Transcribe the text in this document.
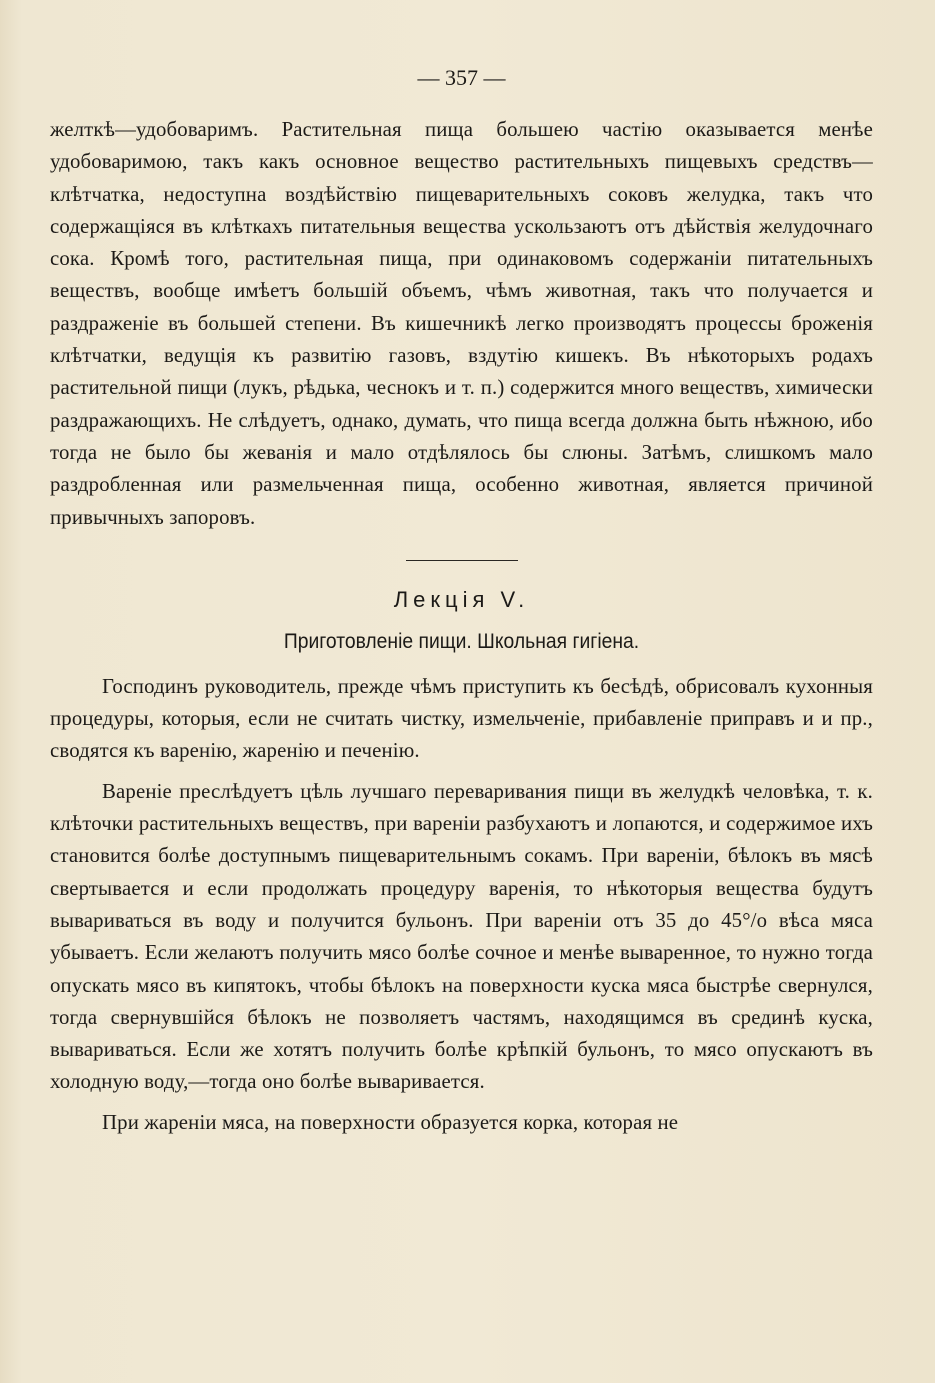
— 357 —

желткѣ—удобоваримъ. Растительная пища большею частію оказывается менѣе удобоваримою, такъ какъ основное вещество растительныхъ пищевыхъ средствъ—клѣтчатка, недоступна воздѣйствію пищеварительныхъ соковъ желудка, такъ что содержащіяся въ клѣткахъ питательныя вещества ускользаютъ отъ дѣйствія желудочнаго сока. Кромѣ того, растительная пища, при одинаковомъ содержаніи питательныхъ веществъ, вообще имѣетъ большій объемъ, чѣмъ животная, такъ что получается и раздраженіе въ большей степени. Въ кишечникѣ легко производятъ процессы броженія клѣтчатки, ведущія къ развитію газовъ, вздутію кишекъ. Въ нѣкоторыхъ родахъ растительной пищи (лукъ, рѣдька, чеснокъ и т. п.) содержится много веществъ, химически раздражающихъ. Не слѣдуетъ, однако, думать, что пища всегда должна быть нѣжною, ибо тогда не было бы жеванія и мало отдѣлялось бы слюны. Затѣмъ, слишкомъ мало раздробленная или размельченная пища, особенно животная, является причиной привычныхъ запоровъ.

Лекція V.
Приготовленіе пищи. Школьная гигіена.

Господинъ руководитель, прежде чѣмъ приступить къ бесѣдѣ, обрисовалъ кухонныя процедуры, которыя, если не считать чистку, измельченіе, прибавленіе приправъ и и пр., сводятся къ варенію, жаренію и печенію.

Вареніе преслѣдуетъ цѣль лучшаго переваривания пищи въ желудкѣ человѣка, т. к. клѣточки растительныхъ веществъ, при вареніи разбухаютъ и лопаются, и содержимое ихъ становится болѣе доступнымъ пищеварительнымъ сокамъ. При вареніи, бѣлокъ въ мясѣ свертывается и если продолжать процедуру варенія, то нѣкоторыя вещества будутъ вывариваться въ воду и получится бульонъ. При вареніи отъ 35 до 45°/о вѣса мяса убываетъ. Если желаютъ получить мясо болѣе сочное и менѣе вываренное, то нужно тогда опускать мясо въ кипятокъ, чтобы бѣлокъ на поверхности куска мяса быстрѣе свернулся, тогда свернувшійся бѣлокъ не позволяетъ частямъ, находящимся въ срединѣ куска, вывариваться. Если же хотятъ получить болѣе крѣпкій бульонъ, то мясо опускаютъ въ холодную воду,—тогда оно болѣе вываривается.

При жареніи мяса, на поверхности образуется корка, которая не
